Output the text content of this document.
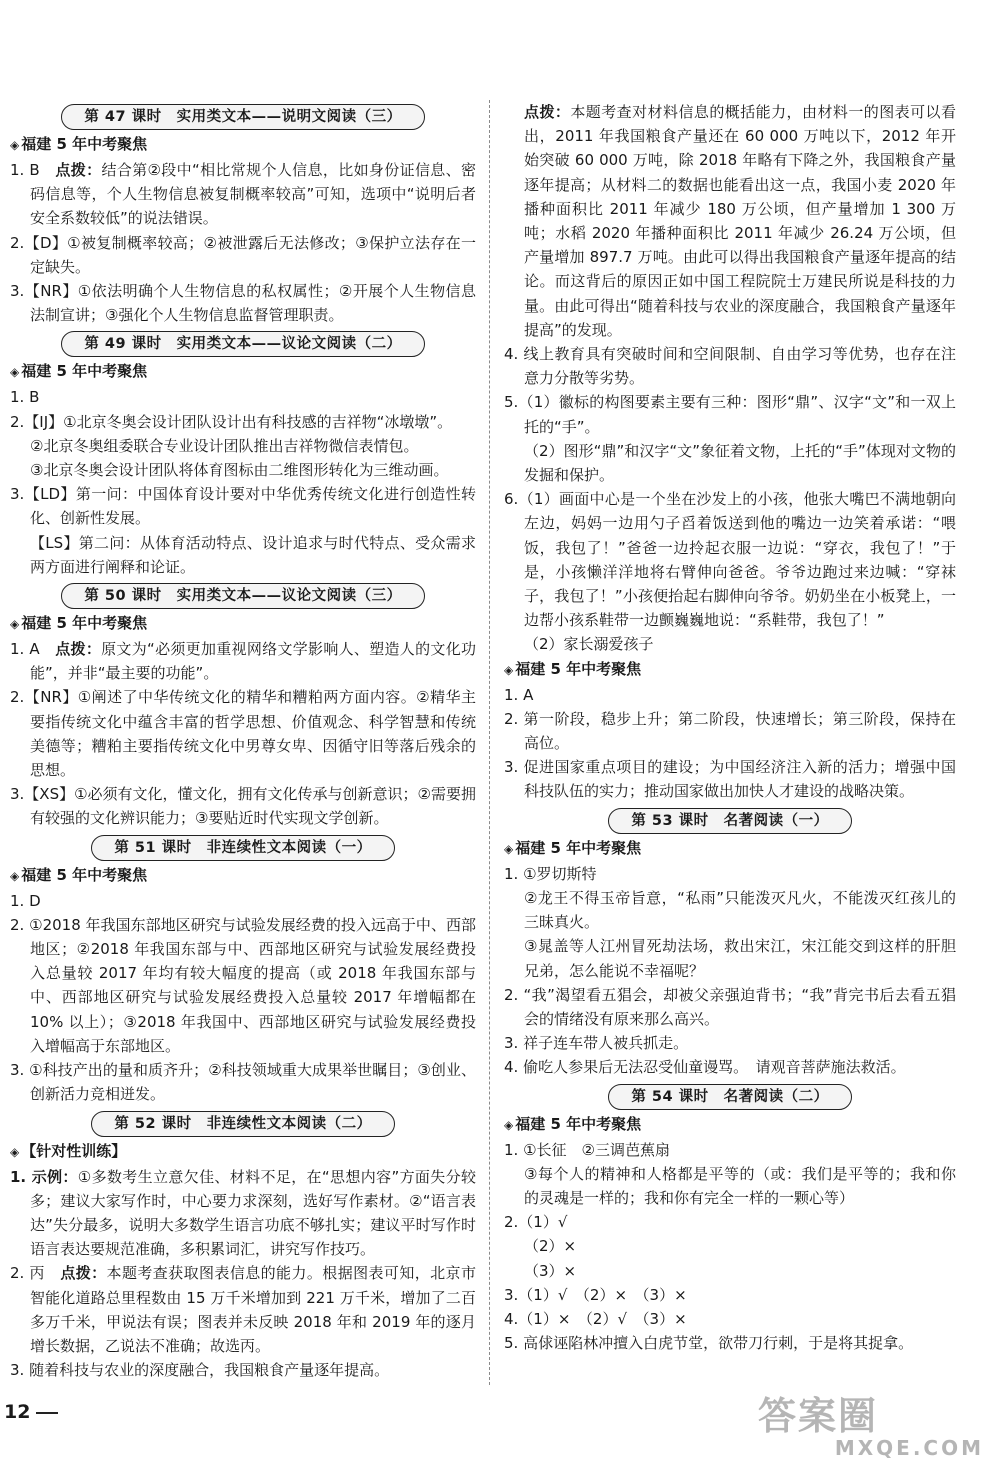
第 47 课时　实用类文本——说明文阅读（三）
◈ 福建 5 年中考聚焦

1. B　点拨：结合第②段中“相比常规个人信息，比如身份证信息、密码信息等，个人生物信息被复制概率较高”可知，选项中“说明后者安全系数较低”的说法错误。

2.【D】①被复制概率较高；②被泄露后无法修改；③保护立法存在一定缺失。

3.【NR】①依法明确个人生物信息的私权属性；②开展个人生物信息法制宣讲；③强化个人生物信息监督管理职责。

第 49 课时　实用类文本——议论文阅读（二）
◈ 福建 5 年中考聚焦

1. B

2.【IJ】①北京冬奥会设计团队设计出有科技感的吉祥物“冰墩墩”。

②北京冬奥组委联合专业设计团队推出吉祥物微信表情包。

③北京冬奥会设计团队将体育图标由二维图形转化为三维动画。

3.【LD】第一问：中国体育设计要对中华优秀传统文化进行创造性转化、创新性发展。

【LS】第二问：从体育活动特点、设计追求与时代特点、受众需求两方面进行阐释和论证。

第 50 课时　实用类文本——议论文阅读（三）
◈ 福建 5 年中考聚焦

1. A　点拨：原文为“必须更加重视网络文学影响人、塑造人的文化功能”，并非“最主要的功能”。

2.【NR】①阐述了中华传统文化的精华和糟粕两方面内容。②精华主要指传统文化中蕴含丰富的哲学思想、价值观念、科学智慧和传统美德等；糟粕主要指传统文化中男尊女卑、因循守旧等落后残余的思想。

3.【XS】①必须有文化，懂文化，拥有文化传承与创新意识；②需要拥有较强的文化辨识能力；③要贴近时代实现文学创新。

第 51 课时　非连续性文本阅读（一）
◈ 福建 5 年中考聚焦

1. D

2. ①2018 年我国东部地区研究与试验发展经费的投入远高于中、西部地区；②2018 年我国东部与中、西部地区研究与试验发展经费投入总量较 2017 年均有较大幅度的提高（或 2018 年我国东部与中、西部地区研究与试验发展经费投入总量较 2017 年增幅都在 10% 以上）；③2018 年我国中、西部地区研究与试验发展经费投入增幅高于东部地区。

3. ①科技产出的量和质齐升；②科技领域重大成果举世瞩目；③创业、创新活力竞相迸发。

第 52 课时　非连续性文本阅读（二）
◈ 【针对性训练】

1. 示例：①多数考生立意欠佳、材料不足，在“思想内容”方面失分较多；建议大家写作时，中心要力求深刻，选好写作素材。②“语言表达”失分最多，说明大多数学生语言功底不够扎实；建议平时写作时语言表达要规范准确，多积累词汇，讲究写作技巧。

2. 丙　点拨：本题考查获取图表信息的能力。根据图表可知，北京市智能化道路总里程数由 15 万千米增加到 221 万千米，增加了二百多万千米，甲说法有误；图表并未反映 2018 年和 2019 年的逐月增长数据，乙说法不准确；故选丙。

3. 随着科技与农业的深度融合，我国粮食产量逐年提高。

点拨：本题考查对材料信息的概括能力，由材料一的图表可以看出，2011 年我国粮食产量还在 60 000 万吨以下，2012 年开始突破 60 000 万吨，除 2018 年略有下降之外，我国粮食产量逐年提高；从材料二的数据也能看出这一点，我国小麦 2020 年播种面积比 2011 年减少 180 万公顷，但产量增加 1 300 万吨；水稻 2020 年播种面积比 2011 年减少 26.24 万公顷，但产量增加 897.7 万吨。由此可以得出我国粮食产量逐年提高的结论。而这背后的原因正如中国工程院院士万建民所说是科技的力量。由此可得出“随着科技与农业的深度融合，我国粮食产量逐年提高”的发现。

4. 线上教育具有突破时间和空间限制、自由学习等优势，也存在注意力分散等劣势。

5.（1）徽标的构图要素主要有三种：图形“鼎”、汉字“文”和一双上托的“手”。

（2）图形“鼎”和汉字“文”象征着文物，上托的“手”体现对文物的发掘和保护。

6.（1）画面中心是一个坐在沙发上的小孩，他张大嘴巴不满地朝向左边，妈妈一边用勺子舀着饭送到他的嘴边一边笑着承诺：“喂饭，我包了！”爸爸一边拎起衣服一边说：“穿衣，我包了！”于是，小孩懒洋洋地将右臂伸向爸爸。爷爷边跑过来边喊：“穿袜子，我包了！”小孩便抬起右脚伸向爷爷。奶奶坐在小板凳上，一边帮小孩系鞋带一边颤巍巍地说：“系鞋带，我包了！”

（2）家长溺爱孩子

◈ 福建 5 年中考聚焦

1. A

2. 第一阶段，稳步上升；第二阶段，快速增长；第三阶段，保持在高位。

3. 促进国家重点项目的建设；为中国经济注入新的活力；增强中国科技队伍的实力；推动国家做出加快人才建设的战略决策。

第 53 课时　名著阅读（一）
◈ 福建 5 年中考聚焦

1. ①罗切斯特

②龙王不得玉帝旨意，“私雨”只能泼灭凡火，不能泼灭红孩儿的三昧真火。

③晁盖等人江州冒死劫法场，救出宋江，宋江能交到这样的肝胆兄弟，怎么能说不幸福呢？

2. “我”渴望看五猖会，却被父亲强迫背书；“我”背完书后去看五猖会的情绪没有原来那么高兴。

3. 祥子连车带人被兵抓走。

4. 偷吃人参果后无法忍受仙童谩骂。　请观音菩萨施法救活。

第 54 课时　名著阅读（二）
◈ 福建 5 年中考聚焦

1. ①长征　②三调芭蕉扇

③每个人的精神和人格都是平等的（或：我们是平等的；我和你的灵魂是一样的；我和你有完全一样的一颗心等）

2.（1）√

（2）×

（3）×

3.（1）√　（2）×　（3）×

4.（1）×　（2）√　（3）×

5. 高俅诬陷林冲擅入白虎节堂，欲带刀行刺，于是将其捉拿。

12	答案圈
MXQE.COM
